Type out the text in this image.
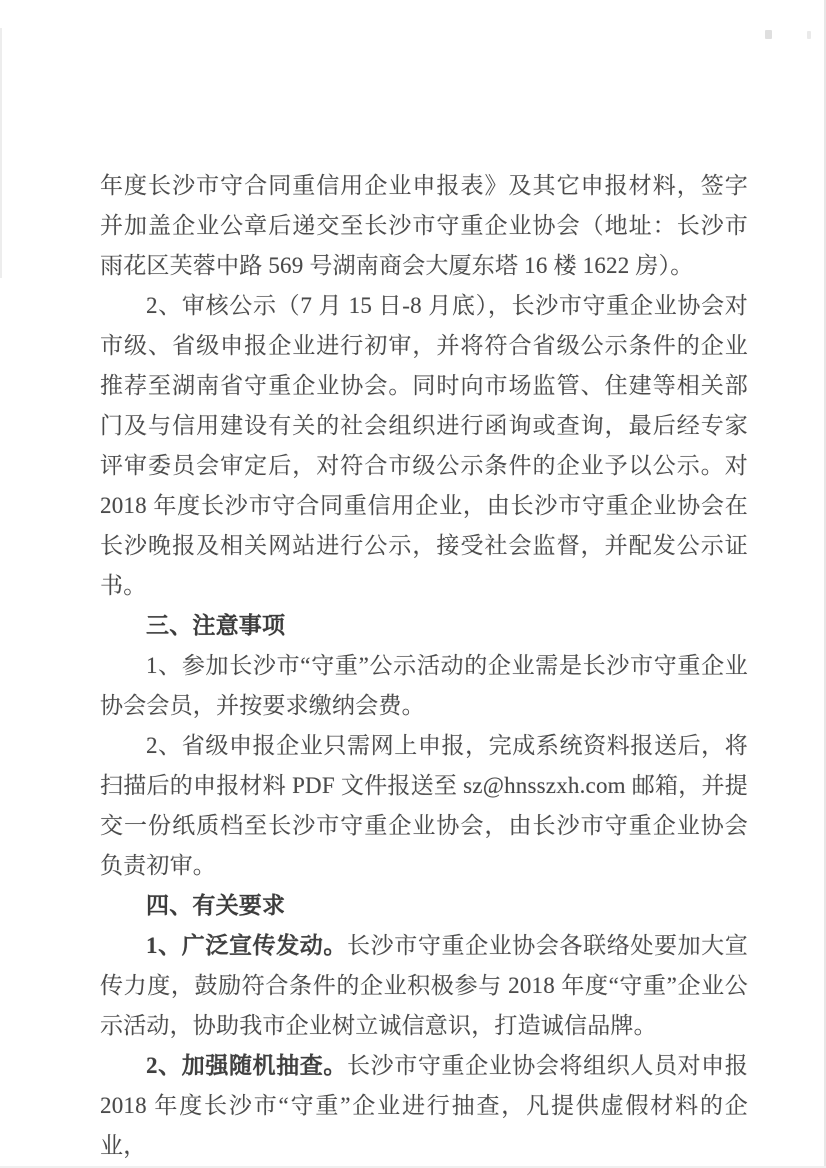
年度长沙市守合同重信用企业申报表》及其它申报材料，签字并加盖企业公章后递交至长沙市守重企业协会（地址：长沙市雨花区芙蓉中路 569 号湖南商会大厦东塔 16 楼 1622 房）。

2、审核公示（7 月 15 日-8 月底），长沙市守重企业协会对市级、省级申报企业进行初审，并将符合省级公示条件的企业推荐至湖南省守重企业协会。同时向市场监管、住建等相关部门及与信用建设有关的社会组织进行函询或查询，最后经专家评审委员会审定后，对符合市级公示条件的企业予以公示。对 2018 年度长沙市守合同重信用企业，由长沙市守重企业协会在长沙晚报及相关网站进行公示，接受社会监督，并配发公示证书。

三、注意事项

1、参加长沙市“守重”公示活动的企业需是长沙市守重企业协会会员，并按要求缴纳会费。

2、省级申报企业只需网上申报，完成系统资料报送后，将扫描后的申报材料 PDF 文件报送至 sz@hnsszxh.com 邮箱，并提交一份纸质档至长沙市守重企业协会，由长沙市守重企业协会负责初审。

四、有关要求

1、广泛宣传发动。长沙市守重企业协会各联络处要加大宣传力度，鼓励符合条件的企业积极参与 2018 年度“守重”企业公示活动，协助我市企业树立诚信意识，打造诚信品牌。

2、加强随机抽查。长沙市守重企业协会将组织人员对申报 2018 年度长沙市“守重”企业进行抽查，凡提供虚假材料的企业，
